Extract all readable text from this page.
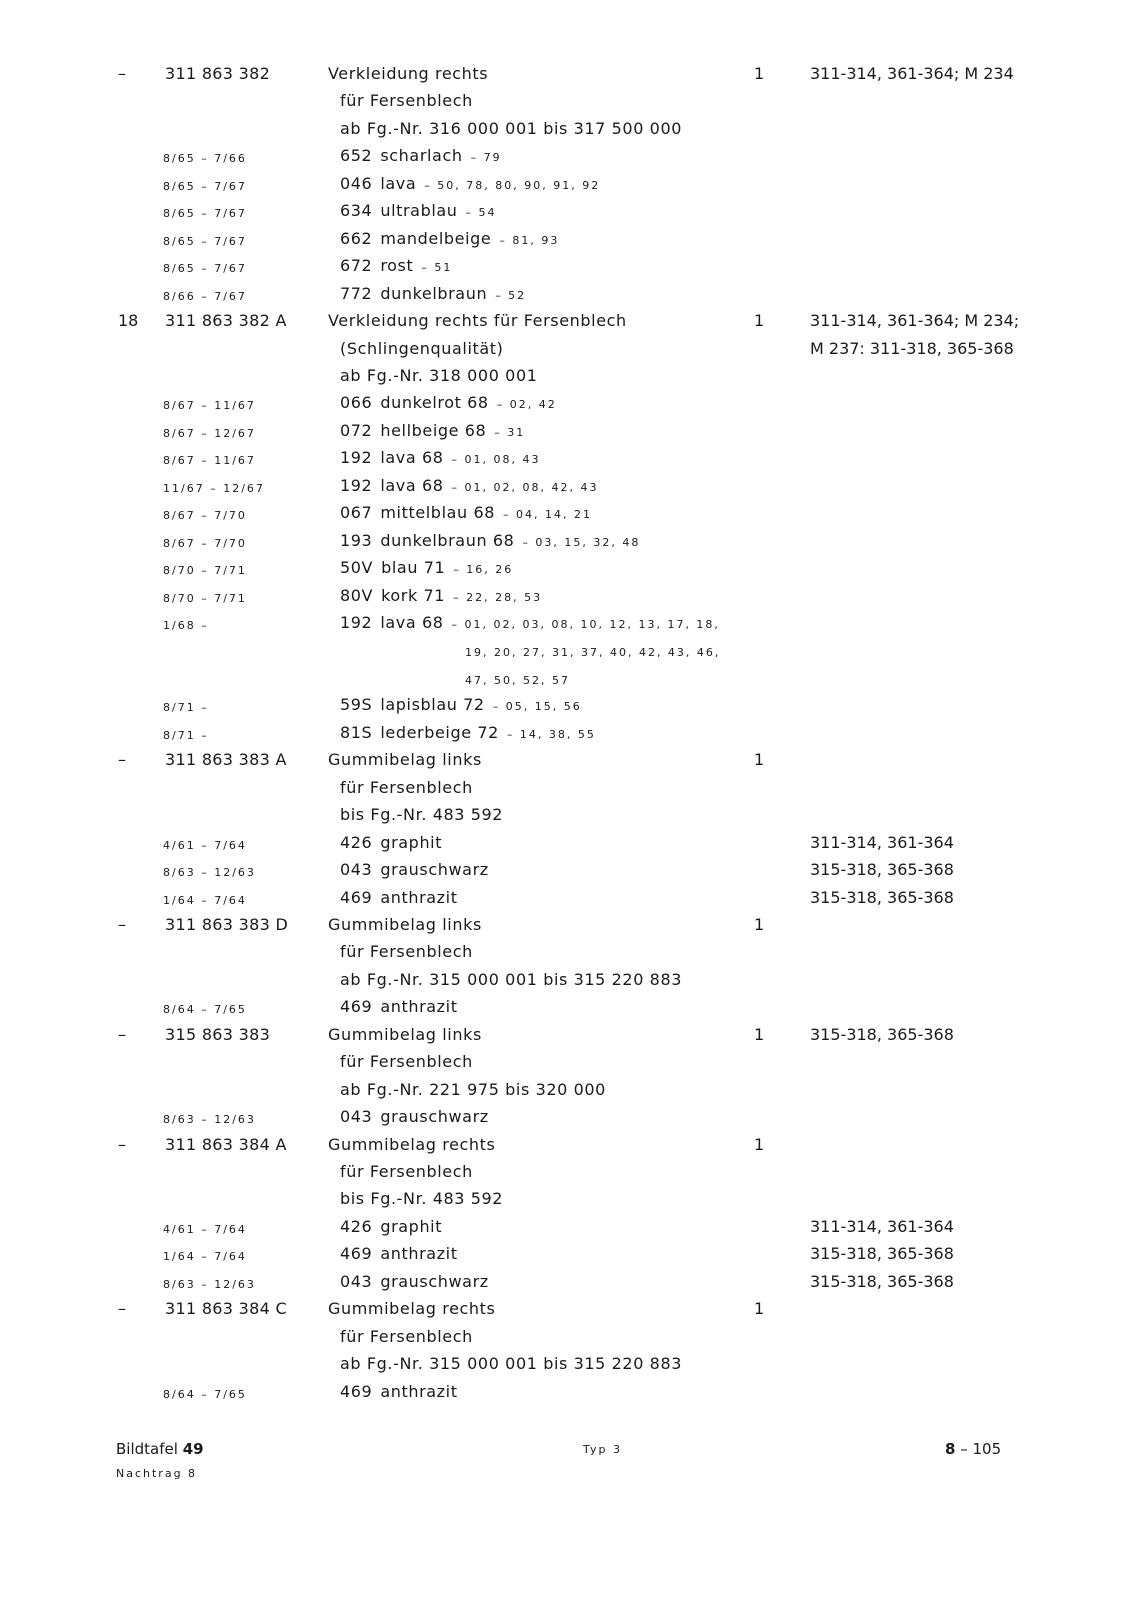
– 311 863 382	Verkleidung rechts	1	311-314, 361-364; M 234
für Fersenblech
ab Fg.-Nr. 316 000 001 bis 317 500 000
8/65 – 7/66	652 scharlach – 79
8/65 – 7/67	046 lava – 50, 78, 80, 90, 91, 92
8/65 – 7/67	634 ultrablau – 54
8/65 – 7/67	662 mandelbeige – 81, 93
8/65 – 7/67	672 rost – 51
8/66 – 7/67	772 dunkelbraun – 52
18 311 863 382 A	Verkleidung rechts für Fersenblech	1	311-314, 361-364; M 234;
(Schlingenqualität)	M 237: 311-318, 365-368
ab Fg.-Nr. 318 000 001
8/67 – 11/67	066 dunkelrot 68 – 02, 42
8/67 – 12/67	072 hellbeige 68 – 31
8/67 – 11/67	192 lava 68 – 01, 08, 43
11/67 – 12/67	192 lava 68 – 01, 02, 08, 42, 43
8/67 – 7/70	067 mittelblau 68 – 04, 14, 21
8/67 – 7/70	193 dunkelbraun 68 – 03, 15, 32, 48
8/70 – 7/71	50V blau 71 – 16, 26
8/70 – 7/71	80V kork 71 – 22, 28, 53
1/68 –	192 lava 68 – 01, 02, 03, 08, 10, 12, 13, 17, 18,
19, 20, 27, 31, 37, 40, 42, 43, 46,
47, 50, 52, 57
8/71 –	59S lapisblau 72 – 05, 15, 56
8/71 –	81S lederbeige 72 – 14, 38, 55
– 311 863 383 A	Gummibelag links	1
für Fersenblech
bis Fg.-Nr. 483 592
4/61 – 7/64	426 graphit	311-314, 361-364
8/63 – 12/63	043 grauschwarz	315-318, 365-368
1/64 – 7/64	469 anthrazit	315-318, 365-368
– 311 863 383 D Gummibelag links	1
für Fersenblech
ab Fg.-Nr. 315 000 001 bis 315 220 883
8/64 – 7/65	469 anthrazit
– 315 863 383	Gummibelag links	1	315-318, 365-368
für Fersenblech
ab Fg.-Nr. 221 975 bis 320 000
8/63 – 12/63	043 grauschwarz
– 311 863 384 A	Gummibelag rechts	1
für Fersenblech
bis Fg.-Nr. 483 592
4/61 – 7/64	426 graphit	311-314, 361-364
1/64 – 7/64	469 anthrazit	315-318, 365-368
8/63 – 12/63	043 grauschwarz	315-318, 365-368
– 311 863 384 C	Gummibelag rechts	1
für Fersenblech
ab Fg.-Nr. 315 000 001 bis 315 220 883
8/64 – 7/65	469 anthrazit
Bildtafel 49
Nachtrag 8
Typ 3	8 – 105
